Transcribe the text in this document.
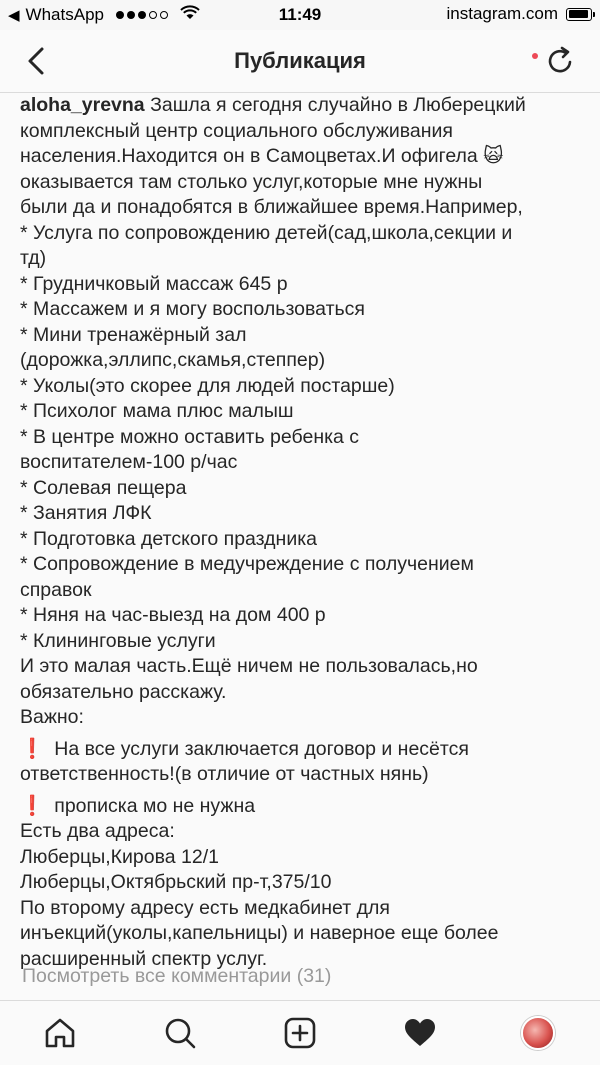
◀ WhatsApp	11:49	instagram.com
Публикация

aloha_yrevna Зашла я сегодня случайно в Люберецкий

комплексный центр социального обслуживания

населения.Находится он в Самоцветах.И офигела 🙀

оказывается там столько услуг,которые мне нужны

были да и понадобятся в ближайшее время.Например,

* Услуга по сопровождению детей(сад,школа,секции и

тд)

* Грудничковый массаж 645 р

* Массажем и я могу воспользоваться

* Мини тренажёрный зал

(дорожка,эллипс,скамья,степпер)

* Уколы(это скорее для людей постарше)

* Психолог мама плюс малыш

* В центре можно оставить ребенка с

воспитателем-100 р/час

* Солевая пещера

* Занятия ЛФК

* Подготовка детского праздника

* Сопровождение в медучреждение с получением

справок

* Няня на час-выезд на дом 400 р

* Клининговые услуги

И это малая часть.Ещё ничем не пользовалась,но

обязательно расскажу.

Важно:

❗ На все услуги заключается договор и несётся

ответственность!(в отличие от частных нянь)

❗ прописка мо не нужна

Есть два адреса:

Люберцы,Кирова 12/1

Люберцы,Октябрьский пр-т,375/10

По второму адресу есть медкабинет для

инъекций(уколы,капельницы) и наверное еще более

расширенный спектр услуг.

Посмотреть все комментарии (31)
